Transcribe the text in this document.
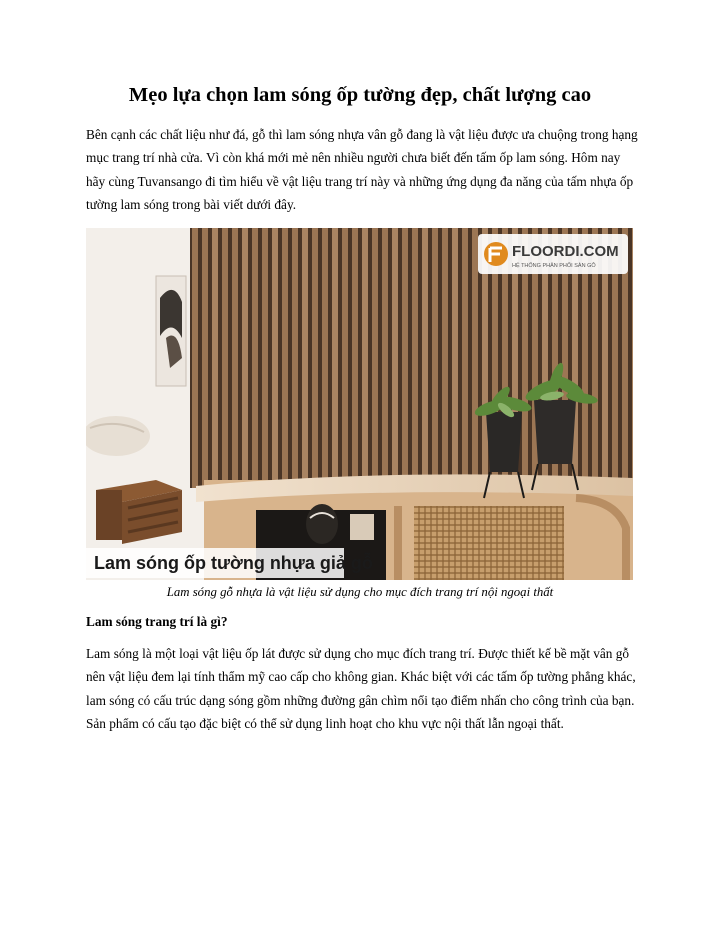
Mẹo lựa chọn lam sóng ốp tường đẹp, chất lượng cao

Bên cạnh các chất liệu như đá, gỗ thì lam sóng nhựa vân gỗ đang là vật liệu được ưa chuộng trong hạng mục trang trí nhà cửa. Vì còn khá mới mẻ nên nhiều người chưa biết đến tấm ốp lam sóng. Hôm nay hãy cùng Tuvansango đi tìm hiểu về vật liệu trang trí này và những ứng dụng đa năng của tấm nhựa ốp tường lam sóng trong bài viết dưới đây.

FLOORDI.COM
HỆ THỐNG PHÂN PHỐI SÀN GỖ
Lam sóng ốp tường nhựa giả gỗ

Lam sóng gỗ nhựa là vật liệu sử dụng cho mục đích trang trí nội ngoại thất

Lam sóng trang trí là gì?

Lam sóng là một loại vật liệu ốp lát được sử dụng cho mục đích trang trí. Được thiết kế bề mặt vân gỗ nên vật liệu đem lại tính thẩm mỹ cao cấp cho không gian. Khác biệt với các tấm ốp tường phẳng khác, lam sóng có cấu trúc dạng sóng gồm những đường gân chìm nổi tạo điểm nhấn cho công trình của bạn. Sản phẩm có cấu tạo đặc biệt có thể sử dụng linh hoạt cho khu vực nội thất lẫn ngoại thất.
